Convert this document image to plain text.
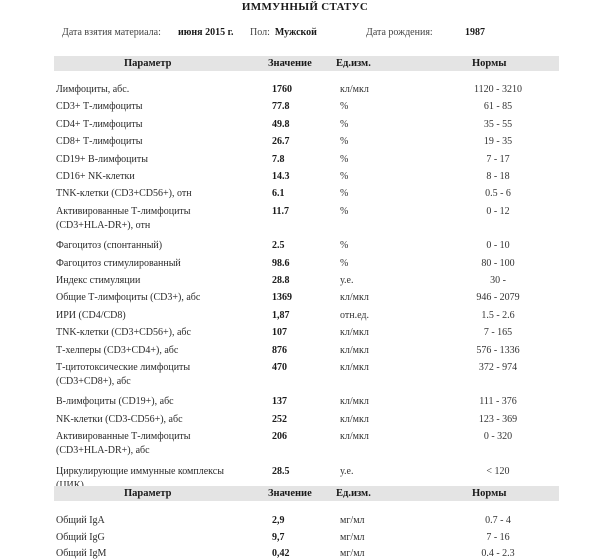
ИММУННЫЙ СТАТУС
Дата взятия материала: июня 2015 г. Пол: Мужской	Дата рождения:	1987
Параметр	Значение Ед.изм.	Нормы
Лимфоциты, абс.	1760	кл/мкл	1120 - 3210
CD3+ Т-лимфоциты	77.8	%	61 - 85
CD4+ Т-лимфоциты	49.8	%	35 - 55
CD8+ Т-лимфоциты	26.7	%	19 - 35
CD19+ В-лимфоциты	7.8	%	7 - 17
CD16+ NK-клетки	14.3	%	8 - 18
TNK-клетки (CD3+CD56+), отн	6.1	%	0.5 - 6
Активированные Т-лимфоциты	11.7	%	0 - 12
(CD3+HLA-DR+), отн
Фагоцитоз (спонтанный)	2.5	%	0 - 10
Фагоцитоз стимулированный	98.6	%	80 - 100
Индекс стимуляции	28.8	у.е.	30 -
Общие Т-лимфоциты (CD3+), абс	1369	кл/мкл	946 - 2079
ИРИ (CD4/CD8)	1,87	отн.ед.	1.5 - 2.6
TNK-клетки (CD3+CD56+), абс	107	кл/мкл	7 - 165
Т-хелперы (CD3+CD4+), абс	876	кл/мкл	576 - 1336
Т-цитотоксические лимфоциты	470	кл/мкл	372 - 974
(CD3+CD8+), абс
В-лимфоциты (CD19+), абс	137	кл/мкл	111 - 376
NK-клетки (CD3-CD56+), абс	252	кл/мкл	123 - 369
Активированные Т-лимфоциты	206	кл/мкл	0 - 320
(CD3+HLA-DR+), абс
Циркулирующие иммунные комплексы	28.5	у.е.	< 120
Параметр	Значение Ед.изм.	Нормы
Общий IgA	2,9	мг/мл	0.7 - 4
Общий IgG	9,7	мг/мл	7 - 16
Общий IgM	0,42	мг/мл	0.4 - 2.3
